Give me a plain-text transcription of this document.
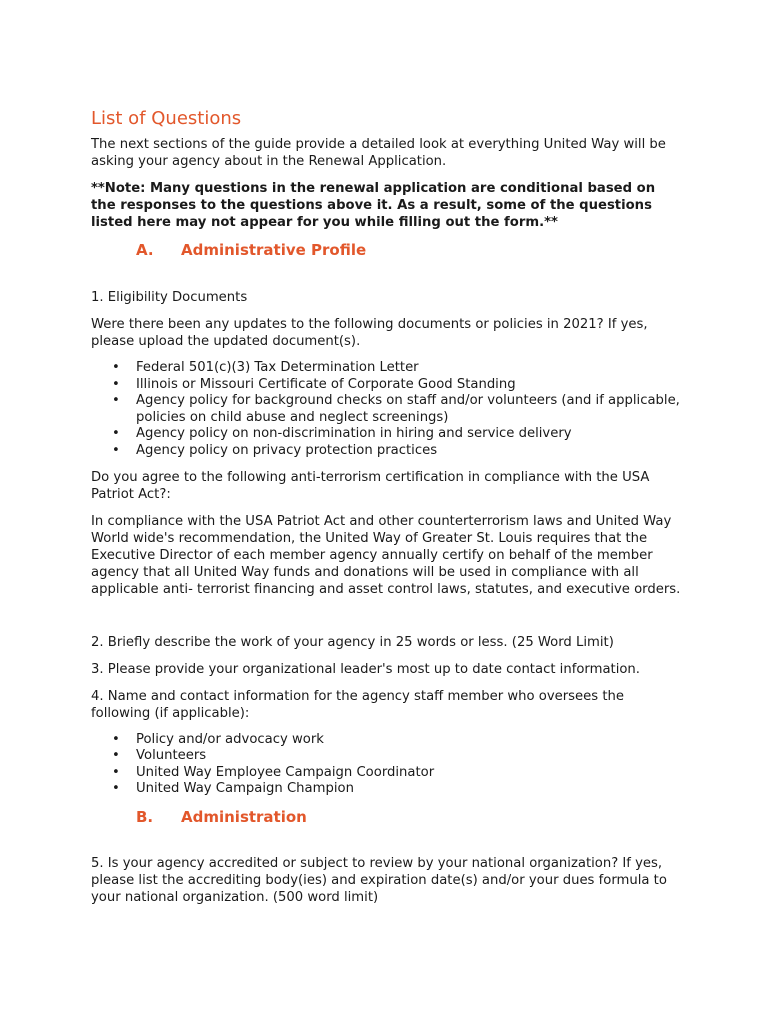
List of Questions

The next sections of the guide provide a detailed look at everything United Way will be asking your agency about in the Renewal Application.

**Note: Many questions in the renewal application are conditional based on the responses to the questions above it. As a result, some of the questions listed here may not appear for you while filling out the form.**

A.	Administrative Profile

1. Eligibility Documents

Were there been any updates to the following documents or policies in 2021? If yes, please upload the updated document(s).

• Federal 501(c)(3) Tax Determination Letter
• Illinois or Missouri Certificate of Corporate Good Standing
• Agency policy for background checks on staff and/or volunteers (and if applicable, policies on child abuse and neglect screenings)
• Agency policy on non-discrimination in hiring and service delivery
• Agency policy on privacy protection practices

Do you agree to the following anti-terrorism certification in compliance with the USA Patriot Act?:

In compliance with the USA Patriot Act and other counterterrorism laws and United Way World wide's recommendation, the United Way of Greater St. Louis requires that the Executive Director of each member agency annually certify on behalf of the member agency that all United Way funds and donations will be used in compliance with all applicable anti- terrorist financing and asset control laws, statutes, and executive orders.

2. Briefly describe the work of your agency in 25 words or less. (25 Word Limit)

3. Please provide your organizational leader's most up to date contact information.

4. Name and contact information for the agency staff member who oversees the following (if applicable):

• Policy and/or advocacy work
• Volunteers
• United Way Employee Campaign Coordinator
• United Way Campaign Champion
B.	Administration

5. Is your agency accredited or subject to review by your national organization? If yes, please list the accrediting body(ies) and expiration date(s) and/or your dues formula to your national organization. (500 word limit)
